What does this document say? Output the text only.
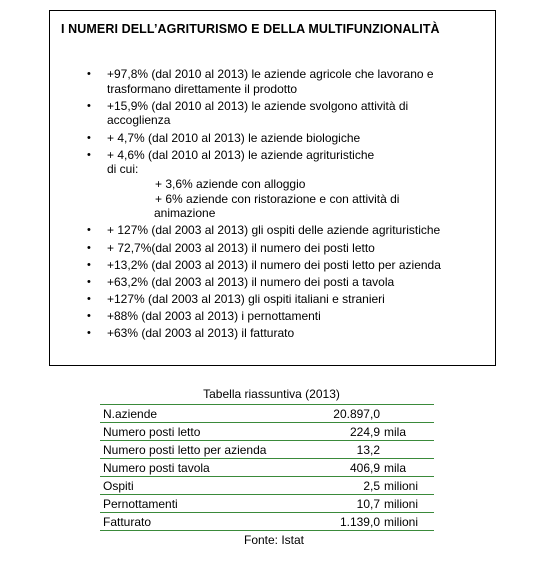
I NUMERI DELL’AGRITURISMO E DELLA MULTIFUNZIONALITÀ
• +97,8% (dal 2010 al 2013) le aziende agricole che lavorano e
trasformano direttamente il prodotto
• +15,9% (dal 2010 al 2013) le aziende svolgono attività di
accoglienza
• + 4,7% (dal 2010 al 2013) le aziende biologiche
• + 4,6% (dal 2010 al 2013) le aziende agrituristiche
di cui:
+ 3,6% aziende con alloggio
+ 6% aziende con ristorazione e con attività di
animazione
• + 127% (dal 2003 al 2013) gli ospiti delle aziende agrituristiche
• + 72,7%(dal 2003 al 2013) il numero dei posti letto
• +13,2% (dal 2003 al 2013) il numero dei posti letto per azienda
• +63,2% (dal 2003 al 2013) il numero dei posti a tavola
• +127% (dal 2003 al 2013) gli ospiti italiani e stranieri
• +88% (dal 2003 al 2013) i pernottamenti
• +63% (dal 2003 al 2013) il fatturato
Tabella riassuntiva (2013)
N.aziende	20.897,0	
Numero posti letto	224,9	mila
Numero posti letto per azienda	13,2	
Numero posti tavola	406,9	mila
Ospiti	2,5	milioni
Pernottamenti	10,7	milioni
Fatturato	1.139,0	milioni
Fonte: Istat
